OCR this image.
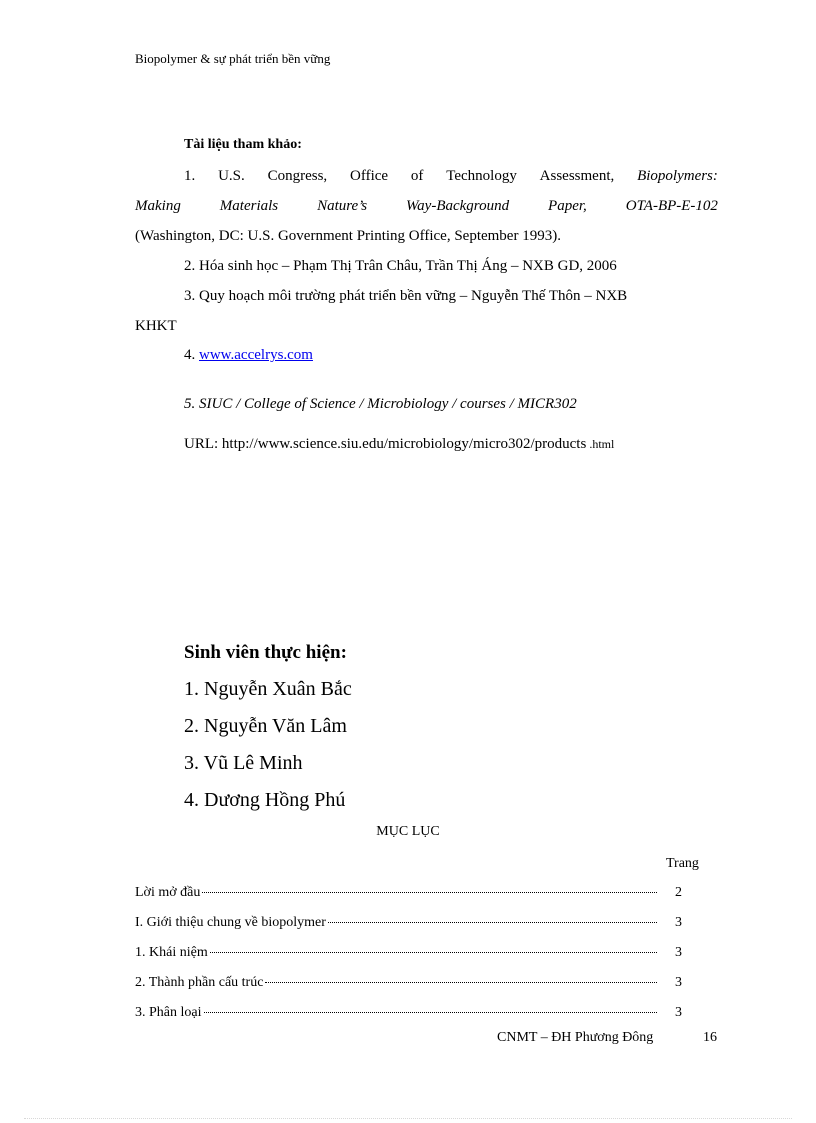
Biopolymer & sự phát triển bền vững
Tài liệu tham khảo:
1. U.S. Congress, Office of Technology Assessment, Biopolymers:
Making	Materials	Nature’s	Way-Background	Paper,	OTA-BP-E-102
(Washington, DC: U.S. Government Printing Office, September 1993).
2. Hóa sinh học – Phạm Thị Trân Châu, Trần Thị Áng – NXB GD, 2006
3. Quy hoạch môi trường phát triển bền vững – Nguyễn Thế Thôn – NXB
KHKT
4. www.accelrys.com
5. SIUC / College of Science / Microbiology / courses / MICR302
URL: http://www.science.siu.edu/microbiology/micro302/products .html
Sinh viên thực hiện:
1. Nguyễn Xuân Bắc
2. Nguyễn Văn Lâm
3. Vũ Lê Minh
4. Dương Hồng Phú
MỤC LỤC
Trang
Lời mở đầu	2
I. Giới thiệu chung về biopolymer	3
1. Khái niệm	3
2. Thành phần cấu trúc	3
3. Phân loại	3
CNMT – ĐH Phương Đông	16
